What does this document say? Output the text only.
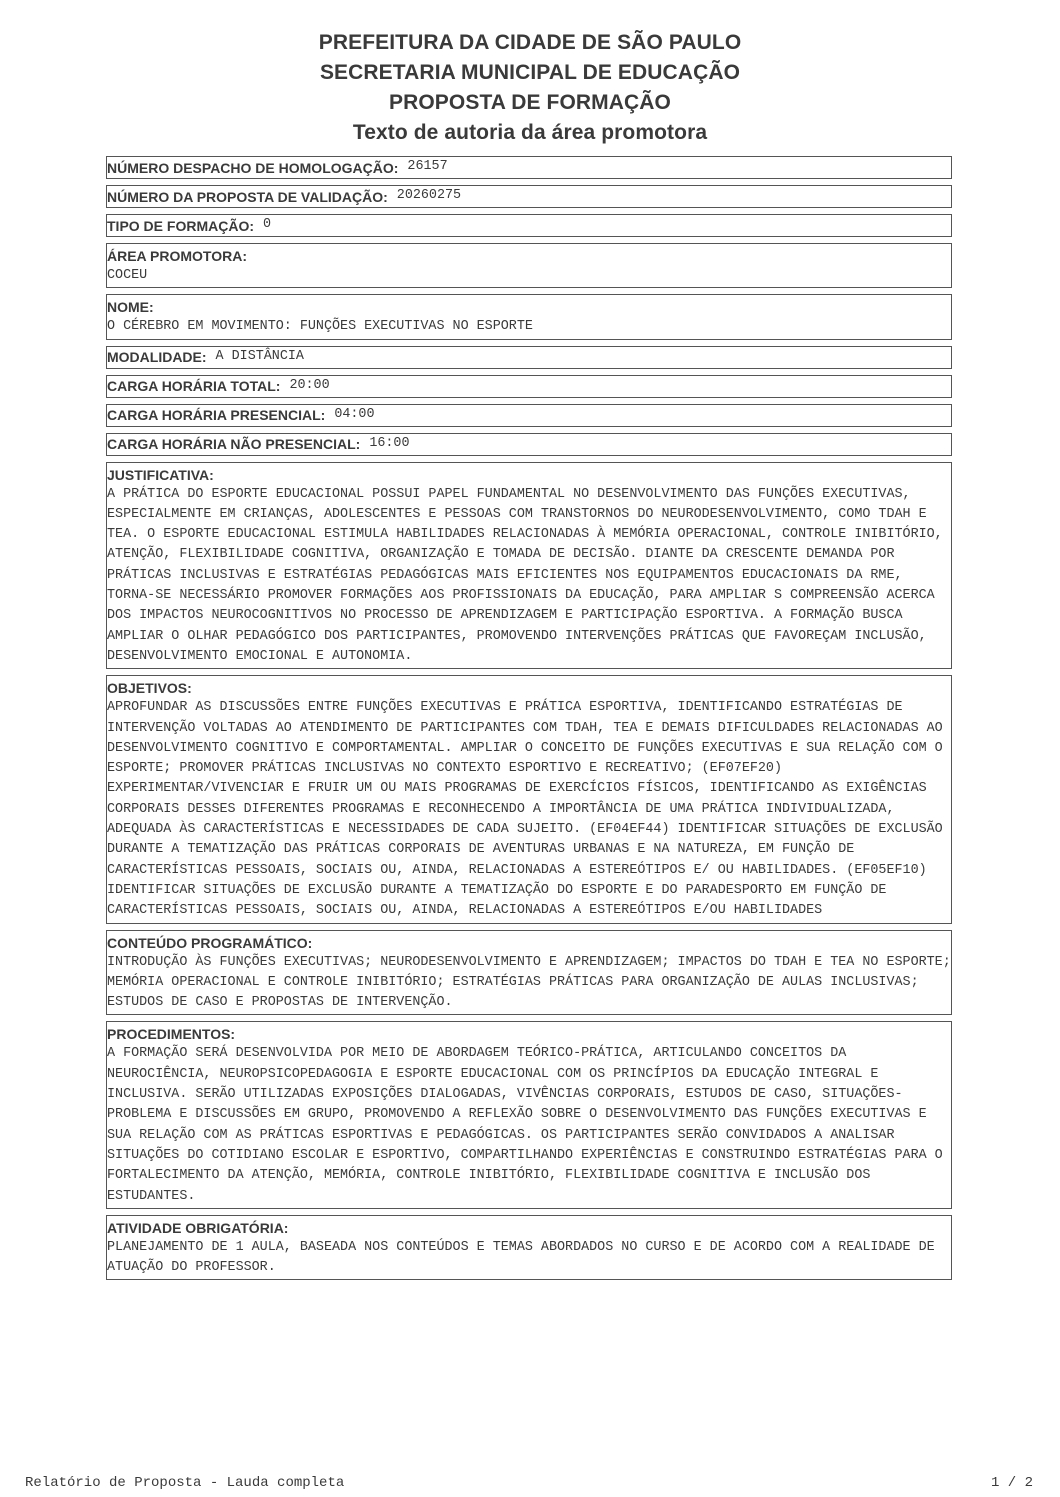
PREFEITURA DA CIDADE DE SÃO PAULO
SECRETARIA MUNICIPAL DE EDUCAÇÃO
PROPOSTA DE FORMAÇÃO
Texto de autoria da área promotora
NÚMERO DESPACHO DE HOMOLOGAÇÃO: 26157
NÚMERO DA PROPOSTA DE VALIDAÇÃO: 20260275
TIPO DE FORMAÇÃO: 0
ÁREA PROMOTORA:
COCEU
NOME:
O CÉREBRO EM MOVIMENTO: FUNÇÕES EXECUTIVAS NO ESPORTE
MODALIDADE: A DISTÂNCIA
CARGA HORÁRIA TOTAL: 20:00
CARGA HORÁRIA PRESENCIAL: 04:00
CARGA HORÁRIA NÃO PRESENCIAL: 16:00
JUSTIFICATIVA:
A PRÁTICA DO ESPORTE EDUCACIONAL POSSUI PAPEL FUNDAMENTAL NO DESENVOLVIMENTO DAS FUNÇÕES EXECUTIVAS, ESPECIALMENTE EM CRIANÇAS, ADOLESCENTES E PESSOAS COM TRANSTORNOS DO NEURODESENVOLVIMENTO, COMO TDAH E TEA. O ESPORTE EDUCACIONAL ESTIMULA HABILIDADES RELACIONADAS À MEMÓRIA OPERACIONAL, CONTROLE INIBITÓRIO, ATENÇÃO, FLEXIBILIDADE COGNITIVA, ORGANIZAÇÃO E TOMADA DE DECISÃO. DIANTE DA CRESCENTE DEMANDA POR PRÁTICAS INCLUSIVAS E ESTRATÉGIAS PEDAGÓGICAS MAIS EFICIENTES NOS EQUIPAMENTOS EDUCACIONAIS DA RME, TORNA-SE NECESSÁRIO PROMOVER FORMAÇÕES AOS PROFISSIONAIS DA EDUCAÇÃO, PARA AMPLIAR S COMPREENSÃO ACERCA DOS IMPACTOS NEUROCOGNITIVOS NO PROCESSO DE APRENDIZAGEM E PARTICIPAÇÃO ESPORTIVA. A FORMAÇÃO BUSCA AMPLIAR O OLHAR PEDAGÓGICO DOS PARTICIPANTES, PROMOVENDO INTERVENÇÕES PRÁTICAS QUE FAVOREÇAM INCLUSÃO, DESENVOLVIMENTO EMOCIONAL E AUTONOMIA.
OBJETIVOS:
APROFUNDAR AS DISCUSSÕES ENTRE FUNÇÕES EXECUTIVAS E PRÁTICA ESPORTIVA, IDENTIFICANDO ESTRATÉGIAS DE INTERVENÇÃO VOLTADAS AO ATENDIMENTO DE PARTICIPANTES COM TDAH, TEA E DEMAIS DIFICULDADES RELACIONADAS AO DESENVOLVIMENTO COGNITIVO E COMPORTAMENTAL. AMPLIAR O CONCEITO DE FUNÇÕES EXECUTIVAS E SUA RELAÇÃO COM O ESPORTE; PROMOVER PRÁTICAS INCLUSIVAS NO CONTEXTO ESPORTIVO E RECREATIVO; (EF07EF20) EXPERIMENTAR/VIVENCIAR E FRUIR UM OU MAIS PROGRAMAS DE EXERCÍCIOS FÍSICOS, IDENTIFICANDO AS EXIGÊNCIAS CORPORAIS DESSES DIFERENTES PROGRAMAS E RECONHECENDO A IMPORTÂNCIA DE UMA PRÁTICA INDIVIDUALIZADA, ADEQUADA ÀS CARACTERÍSTICAS E NECESSIDADES DE CADA SUJEITO. (EF04EF44) IDENTIFICAR SITUAÇÕES DE EXCLUSÃO DURANTE A TEMATIZAÇÃO DAS PRÁTICAS CORPORAIS DE AVENTURAS URBANAS E NA NATUREZA, EM FUNÇÃO DE CARACTERÍSTICAS PESSOAIS, SOCIAIS OU, AINDA, RELACIONADAS A ESTEREÓTIPOS E/ OU HABILIDADES. (EF05EF10) IDENTIFICAR SITUAÇÕES DE EXCLUSÃO DURANTE A TEMATIZAÇÃO DO ESPORTE E DO PARADESPORTO EM FUNÇÃO DE CARACTERÍSTICAS PESSOAIS, SOCIAIS OU, AINDA, RELACIONADAS A ESTEREÓTIPOS E/OU HABILIDADES
CONTEÚDO PROGRAMÁTICO:
INTRODUÇÃO ÀS FUNÇÕES EXECUTIVAS; NEURODESENVOLVIMENTO E APRENDIZAGEM; IMPACTOS DO TDAH E TEA NO ESPORTE; MEMÓRIA OPERACIONAL E CONTROLE INIBITÓRIO; ESTRATÉGIAS PRÁTICAS PARA ORGANIZAÇÃO DE AULAS INCLUSIVAS; ESTUDOS DE CASO E PROPOSTAS DE INTERVENÇÃO.
PROCEDIMENTOS:
A FORMAÇÃO SERÁ DESENVOLVIDA POR MEIO DE ABORDAGEM TEÓRICO-PRÁTICA, ARTICULANDO CONCEITOS DA NEUROCIÊNCIA, NEUROPSICOPEDAGOGIA E ESPORTE EDUCACIONAL COM OS PRINCÍPIOS DA EDUCAÇÃO INTEGRAL E INCLUSIVA. SERÃO UTILIZADAS EXPOSIÇÕES DIALOGADAS, VIVÊNCIAS CORPORAIS, ESTUDOS DE CASO, SITUAÇÕES-PROBLEMA E DISCUSSÕES EM GRUPO, PROMOVENDO A REFLEXÃO SOBRE O DESENVOLVIMENTO DAS FUNÇÕES EXECUTIVAS E SUA RELAÇÃO COM AS PRÁTICAS ESPORTIVAS E PEDAGÓGICAS. OS PARTICIPANTES SERÃO CONVIDADOS A ANALISAR SITUAÇÕES DO COTIDIANO ESCOLAR E ESPORTIVO, COMPARTILHANDO EXPERIÊNCIAS E CONSTRUINDO ESTRATÉGIAS PARA O FORTALECIMENTO DA ATENÇÃO, MEMÓRIA, CONTROLE INIBITÓRIO, FLEXIBILIDADE COGNITIVA E INCLUSÃO DOS ESTUDANTES.
ATIVIDADE OBRIGATÓRIA:
PLANEJAMENTO DE 1 AULA, BASEADA NOS CONTEÚDOS E TEMAS ABORDADOS NO CURSO E DE ACORDO COM A REALIDADE DE ATUAÇÃO DO PROFESSOR.
Relatório de Proposta - Lauda completa	1 / 2
